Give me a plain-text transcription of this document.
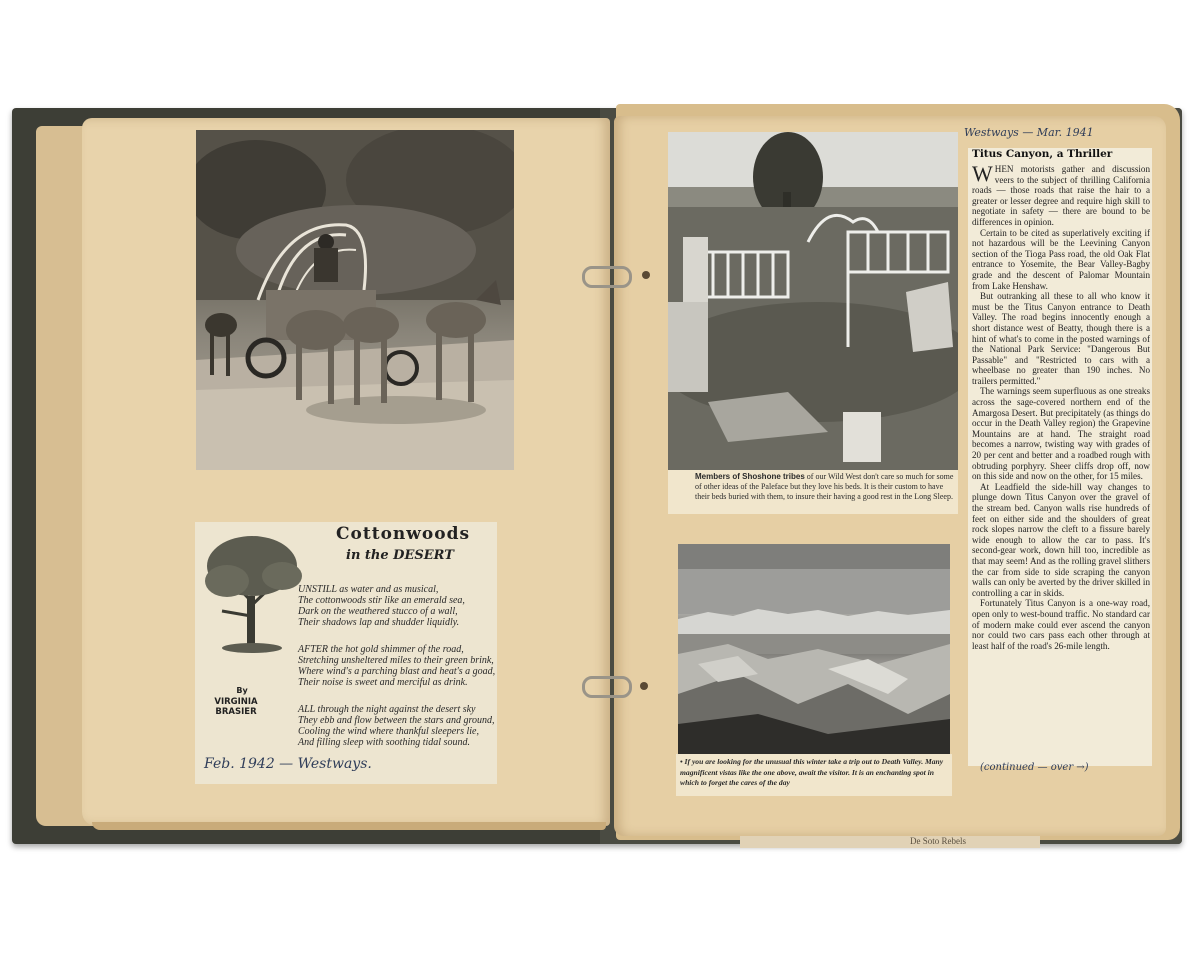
Cottonwoods
in the DESERT
UNSTILL as water and as musical,
The cottonwoods stir like an emerald sea,
Dark on the weathered stucco of a wall,
Their shadows lap and shudder liquidly.
AFTER the hot gold shimmer of the road,
Stretching unsheltered miles to their green brink,
Where wind's a parching blast and heat's a goad,
Their noise is sweet and merciful as drink.
ALL through the night against the desert sky
They ebb and flow between the stars and ground,
Cooling the wind where thankful sleepers lie,
And filling sleep with soothing tidal sound.
By
VIRGINIA BRASIER
Feb. 1942 — Westways.
Members of Shoshone tribes of our Wild West don't care so much for some of other ideas of the Paleface but they love his beds. It is their custom to have their beds buried with them, to insure their having a good rest in the Long Sleep.
• If you are looking for the unusual this winter take a trip out to Death Valley. Many magnificent vistas like the one above, await the visitor. It is an enchanting spot in which to forget the cares of the day
Westways — Mar. 1941
Titus Canyon, a Thriller

WHEN motorists gather and discussion veers to the subject of thrilling California roads — those roads that raise the hair to a greater or lesser degree and require high skill to negotiate in safety — there are bound to be differences in opinion.

Certain to be cited as superlatively exciting if not hazardous will be the Leevining Canyon section of the Tioga Pass road, the old Oak Flat entrance to Yosemite, the Bear Valley-Bagby grade and the descent of Palomar Mountain from Lake Henshaw.

But outranking all these to all who know it must be the Titus Canyon entrance to Death Valley. The road begins innocently enough a short distance west of Beatty, though there is a hint of what's to come in the posted warnings of the National Park Service: "Dangerous But Passable" and "Restricted to cars with a wheelbase no greater than 190 inches. No trailers permitted."

The warnings seem superfluous as one streaks across the sage-covered northern end of the Amargosa Desert. But precipitately (as things do occur in the Death Valley region) the Grapevine Mountains are at hand. The straight road becomes a narrow, twisting way with grades of 20 per cent and better and a roadbed rough with obtruding porphyry. Sheer cliffs drop off, now on this side and now on the other, for 15 miles.

At Leadfield the side-hill way changes to plunge down Titus Canyon over the gravel of the stream bed. Canyon walls rise hundreds of feet on either side and the shoulders of great rock slopes narrow the cleft to a fissure barely wide enough to allow the car to pass. It's second-gear work, down hill too, incredible as that may seem! And as the rolling gravel slithers the car from side to side scraping the canyon walls can only be averted by the driver skilled in controlling a car in skids.

Fortunately Titus Canyon is a one-way road, open only to west-bound traffic. No standard car of modern make could ever ascend the canyon nor could two cars pass each other through at least half of the road's 26-mile length.

(continued — over →)
De Soto Rebels
